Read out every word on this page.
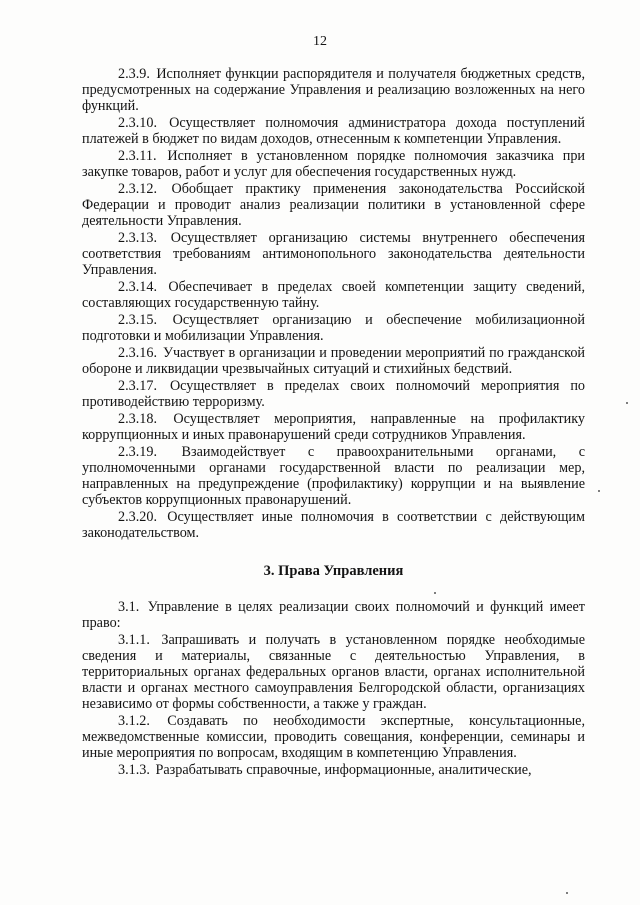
12

2.3.9. Исполняет функции распорядителя и получателя бюджетных средств, предусмотренных на содержание Управления и реализацию возложенных на него функций.

2.3.10. Осуществляет полномочия администратора дохода поступлений платежей в бюджет по видам доходов, отнесенным к компетенции Управления.

2.3.11. Исполняет в установленном порядке полномочия заказчика при закупке товаров, работ и услуг для обеспечения государственных нужд.

2.3.12. Обобщает практику применения законодательства Российской Федерации и проводит анализ реализации политики в установленной сфере деятельности Управления.

2.3.13. Осуществляет организацию системы внутреннего обеспечения соответствия требованиям антимонопольного законодательства деятельности Управления.

2.3.14. Обеспечивает в пределах своей компетенции защиту сведений, составляющих государственную тайну.

2.3.15. Осуществляет организацию и обеспечение мобилизационной подготовки и мобилизации Управления.

2.3.16. Участвует в организации и проведении мероприятий по гражданской обороне и ликвидации чрезвычайных ситуаций и стихийных бедствий.

2.3.17. Осуществляет в пределах своих полномочий мероприятия по противодействию терроризму.

2.3.18. Осуществляет мероприятия, направленные на профилактику коррупционных и иных правонарушений среди сотрудников Управления.

2.3.19. Взаимодействует с правоохранительными органами, с уполномоченными органами государственной власти по реализации мер, направленных на предупреждение (профилактику) коррупции и на выявление субъектов коррупционных правонарушений.

2.3.20. Осуществляет иные полномочия в соответствии с действующим законодательством.

3. Права Управления

3.1. Управление в целях реализации своих полномочий и функций имеет право:

3.1.1. Запрашивать и получать в установленном порядке необходимые сведения и материалы, связанные с деятельностью Управления, в территориальных органах федеральных органов власти, органах исполнительной власти и органах местного самоуправления Белгородской области, организациях независимо от формы собственности, а также у граждан.

3.1.2. Создавать по необходимости экспертные, консультационные, межведомственные комиссии, проводить совещания, конференции, семинары и иные мероприятия по вопросам, входящим в компетенцию Управления.

3.1.3. Разрабатывать справочные, информационные, аналитические,
